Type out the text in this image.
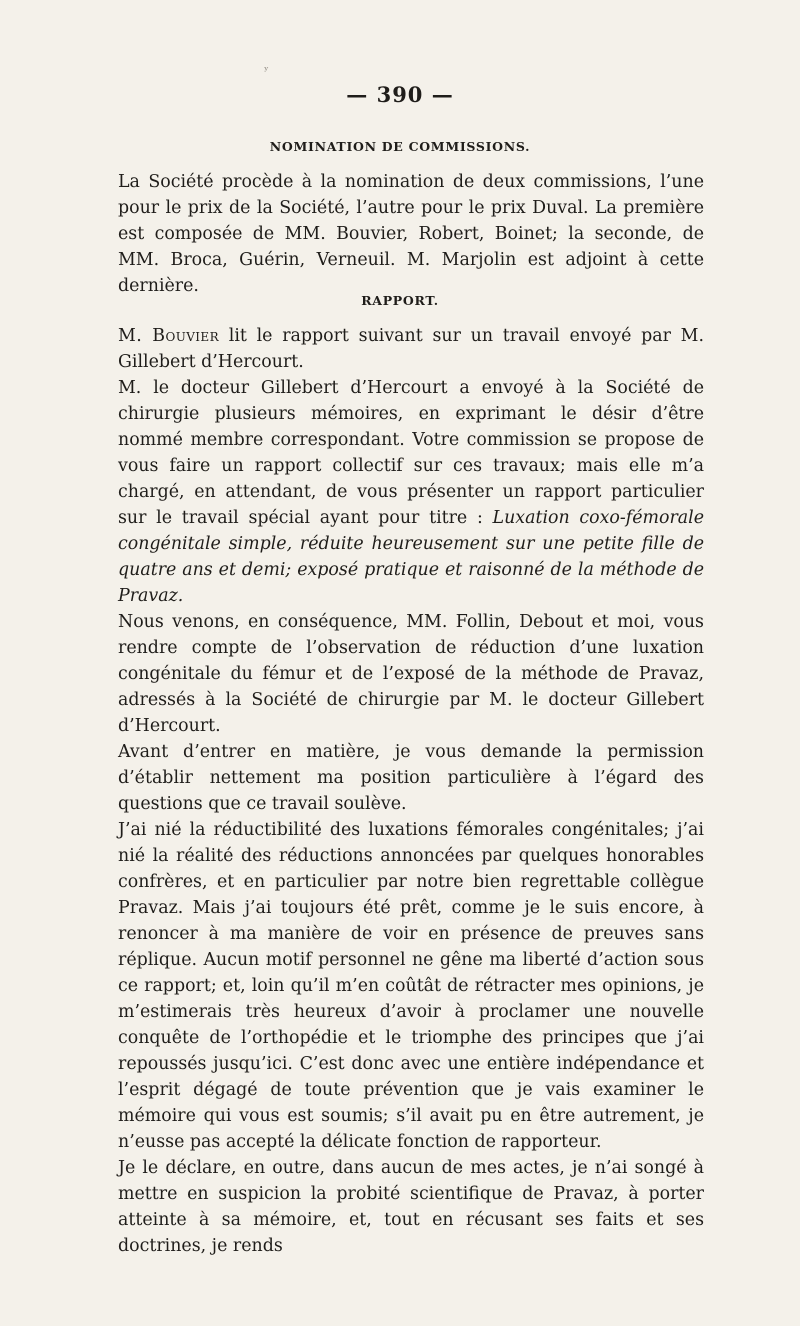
ʸ
— 390 —
NOMINATION DE COMMISSIONS.

La Société procède à la nomination de deux commissions, l’une pour le prix de la Société, l’autre pour le prix Duval. La première est composée de MM. Bouvier, Robert, Boinet; la seconde, de MM. Broca, Guérin, Verneuil. M. Marjolin est adjoint à cette dernière.

RAPPORT.

M. Bouvier lit le rapport suivant sur un travail envoyé par M. Gillebert d’Hercourt.

M. le docteur Gillebert d’Hercourt a envoyé à la Société de chirurgie plusieurs mémoires, en exprimant le désir d’être nommé membre correspondant. Votre commission se propose de vous faire un rapport collectif sur ces travaux; mais elle m’a chargé, en attendant, de vous présenter un rapport particulier sur le travail spécial ayant pour titre : Luxation coxo-fémorale congénitale simple, réduite heureusement sur une petite fille de quatre ans et demi; exposé pratique et raisonné de la méthode de Pravaz.

Nous venons, en conséquence, MM. Follin, Debout et moi, vous rendre compte de l’observation de réduction d’une luxation congénitale du fémur et de l’exposé de la méthode de Pravaz, adressés à la Société de chirurgie par M. le docteur Gillebert d’Hercourt.

Avant d’entrer en matière, je vous demande la permission d’établir nettement ma position particulière à l’égard des questions que ce travail soulève.

J’ai nié la réductibilité des luxations fémorales congénitales; j’ai nié la réalité des réductions annoncées par quelques honorables confrères, et en particulier par notre bien regrettable collègue Pravaz. Mais j’ai toujours été prêt, comme je le suis encore, à renoncer à ma manière de voir en présence de preuves sans réplique. Aucun motif personnel ne gêne ma liberté d’action sous ce rapport; et, loin qu’il m’en coûtât de rétracter mes opinions, je m’estimerais très heureux d’avoir à proclamer une nouvelle conquête de l’orthopédie et le triomphe des principes que j’ai repoussés jusqu’ici. C’est donc avec une entière indépendance et l’esprit dégagé de toute prévention que je vais examiner le mémoire qui vous est soumis; s’il avait pu en être autrement, je n’eusse pas accepté la délicate fonction de rapporteur.

Je le déclare, en outre, dans aucun de mes actes, je n’ai songé à mettre en suspicion la probité scientifique de Pravaz, à porter atteinte à sa mémoire, et, tout en récusant ses faits et ses doctrines, je rends
